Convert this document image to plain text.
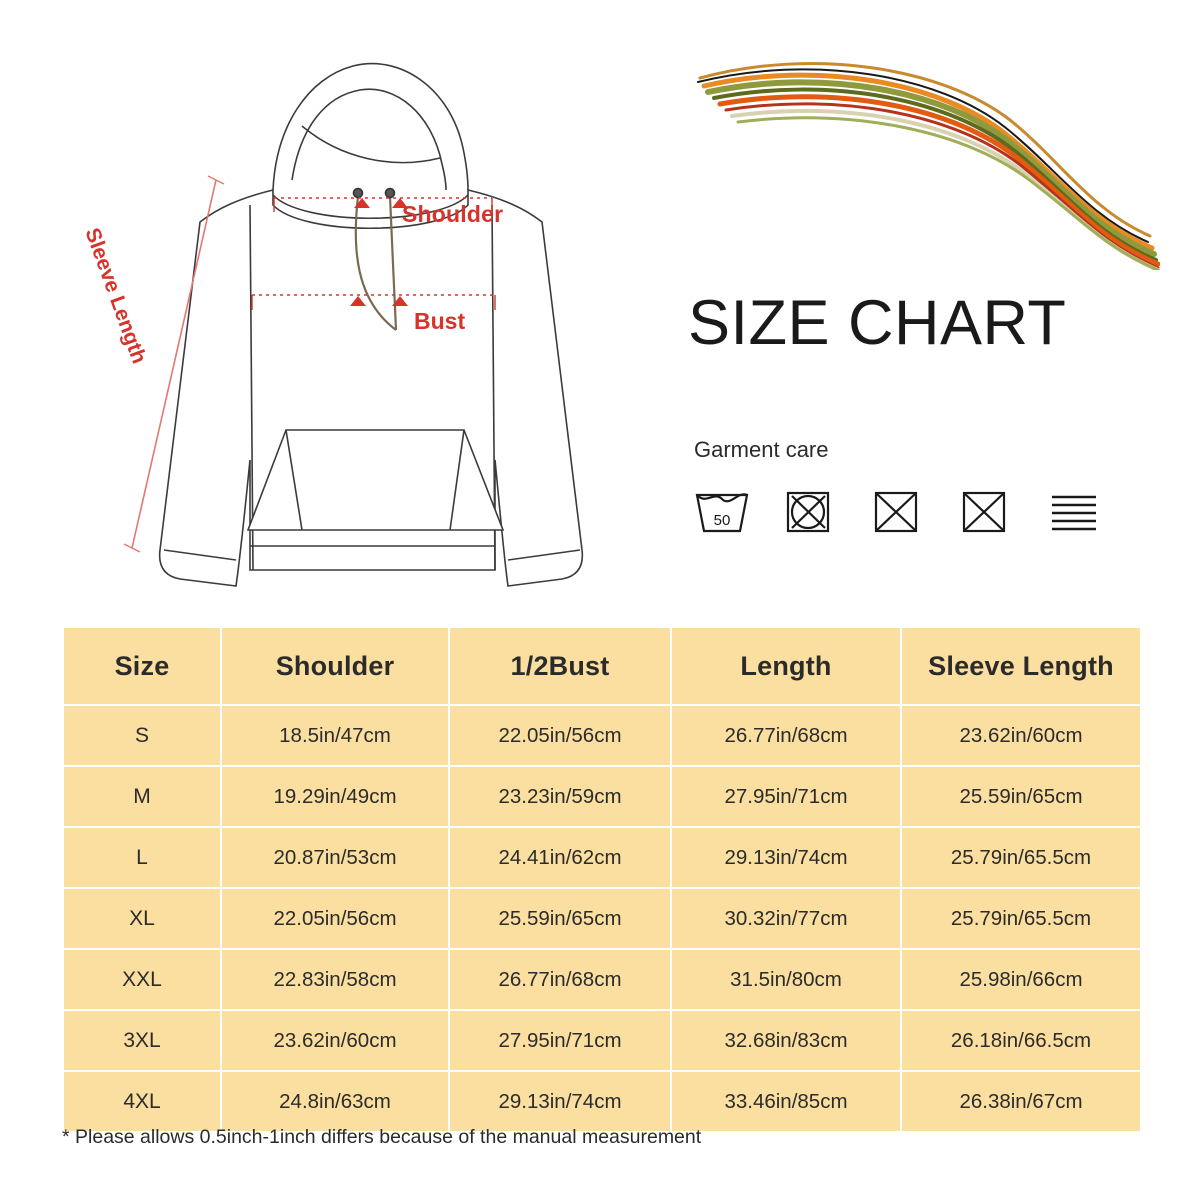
Shoulder
Bust
Sleeve Length	SIZE CHART
Garment care
50
Size	Shoulder	1/2Bust	Length	Sleeve Length
S	18.5in/47cm	22.05in/56cm	26.77in/68cm	23.62in/60cm
M	19.29in/49cm	23.23in/59cm	27.95in/71cm	25.59in/65cm
L	20.87in/53cm	24.41in/62cm	29.13in/74cm	25.79in/65.5cm
XL	22.05in/56cm	25.59in/65cm	30.32in/77cm	25.79in/65.5cm
XXL	22.83in/58cm	26.77in/68cm	31.5in/80cm	25.98in/66cm
3XL	23.62in/60cm	27.95in/71cm	32.68in/83cm	26.18in/66.5cm
4XL	24.8in/63cm	29.13in/74cm	33.46in/85cm	26.38in/67cm
* Please allows 0.5inch-1inch differs because of the manual measurement
